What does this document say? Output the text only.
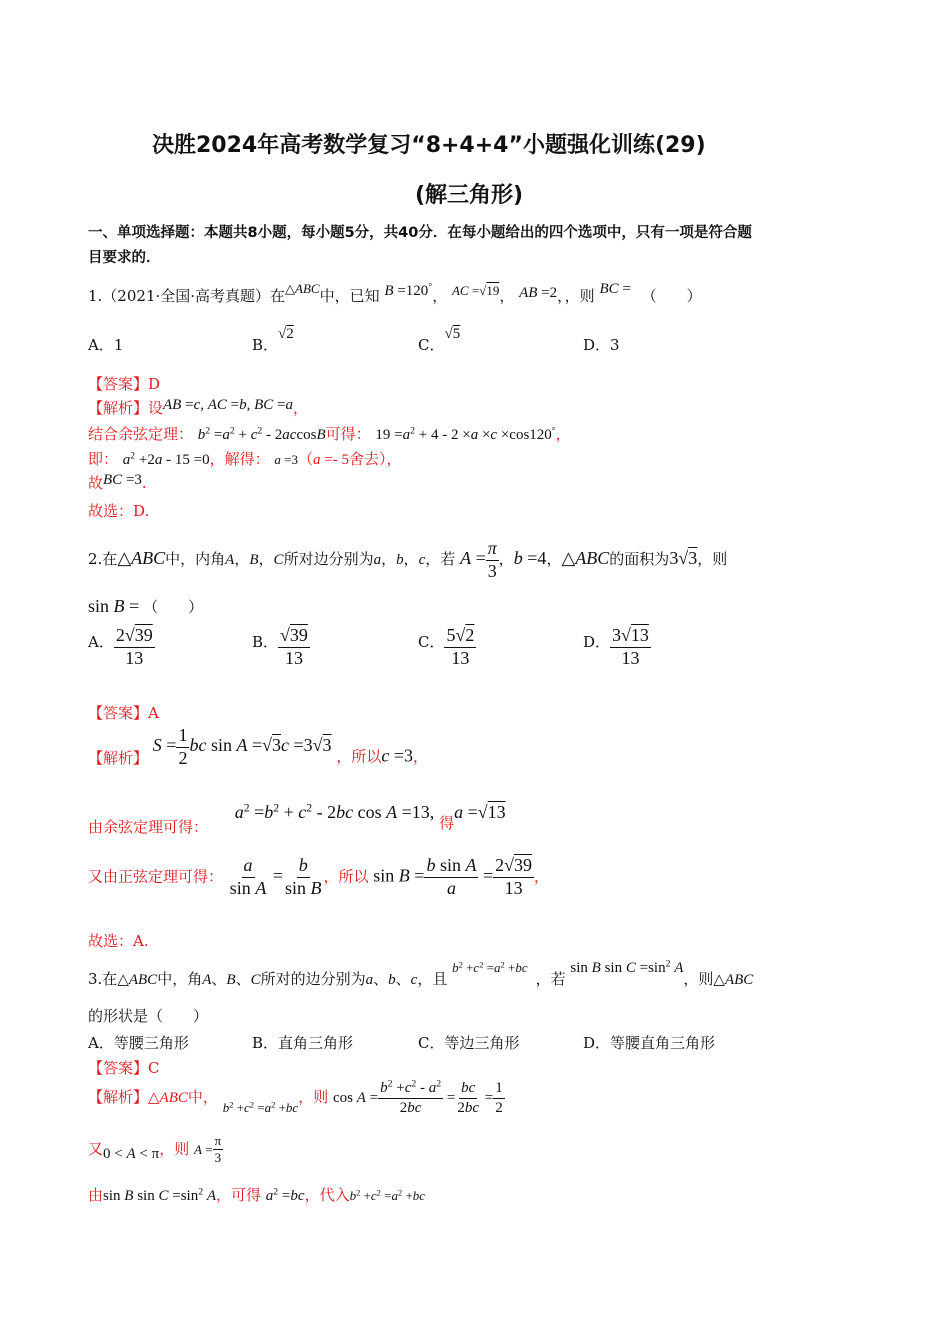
决胜2024年高考数学复习“8+4+4”小题强化训练(29)
(解三角形)
一、单项选择题：本题共8小题，每小题5分，共40分．在每小题给出的四个选项中，只有一项是符合题
目要求的．
1.（2021·全国·高考真题）在△ABC中，已知 B =120°， AC =√19， AB =2，，则 BC = （　　）
A．1	B．√2
C．√5
D．3
【答案】D
【解析】设AB =c, AC =b, BC =a，
结合余弦定理： $b^2 =a^2 + c^2 - 2accosB$可得： $19 =a^2 + 4 - 2 \times a \times c \times\cos 120^\circ$，
即： $a^2 +2a - 15 =0$，解得： a =3（a =- 5舍去），
故BC =3.
故选：D.
2.在△ABC中，内角A，B，C所对边分别为a，b，c，若 $A = \frac{\pi}{3}$ ，b =4，△ABC的面积为3√3，则
sin B = （　　）
A． $\frac{2√39}{13}$	B． $\frac{√39}{13}$	C． $\frac{5√2}{13}$	D． $\frac{3√13}{13}$
【答案】A
【解析】 $S = \frac{1}{2}$ bc sin A =√3c =3√3 ，所以c =3，
由余弦定理可得： $a^2 =b^2 + c^2 - 2bc$ cos A =13, 得a =√13
又由正弦定理可得： $\frac{a}{\text{sin A}} = \frac{b}{\text{sin B}}$ ，所以 $\sin B = \frac{\text{b sin A}}{a} = \frac{2√39}{13}$ ，
故选：A.
3.在△ABC中，角A、B、C所对的边分别为a、b、c，且 $b^2 +c^2 =a^2 +bc$，若 sin B $\sin C =\sin^2$ A，则△ABC
的形状是（　　）
A．等腰三角形	B．直角三角形	C．等边三角形	D．等腰直角三角形
【答案】C
【解析】△ABC中， $b^2 +c^2 =a^2 +bc$，则 $\cos A = \frac{b^2 +c^2 - a^2}{2bc} = \frac{bc}{2bc} = \frac{1}{2}$
又0 < A < π，则 $A = \frac{\pi}{3}$
由sin B $\sin C =\sin^2$ A，可得 $a^2 =bc$，代入$b^2 +c^2 =a^2 +bc$
